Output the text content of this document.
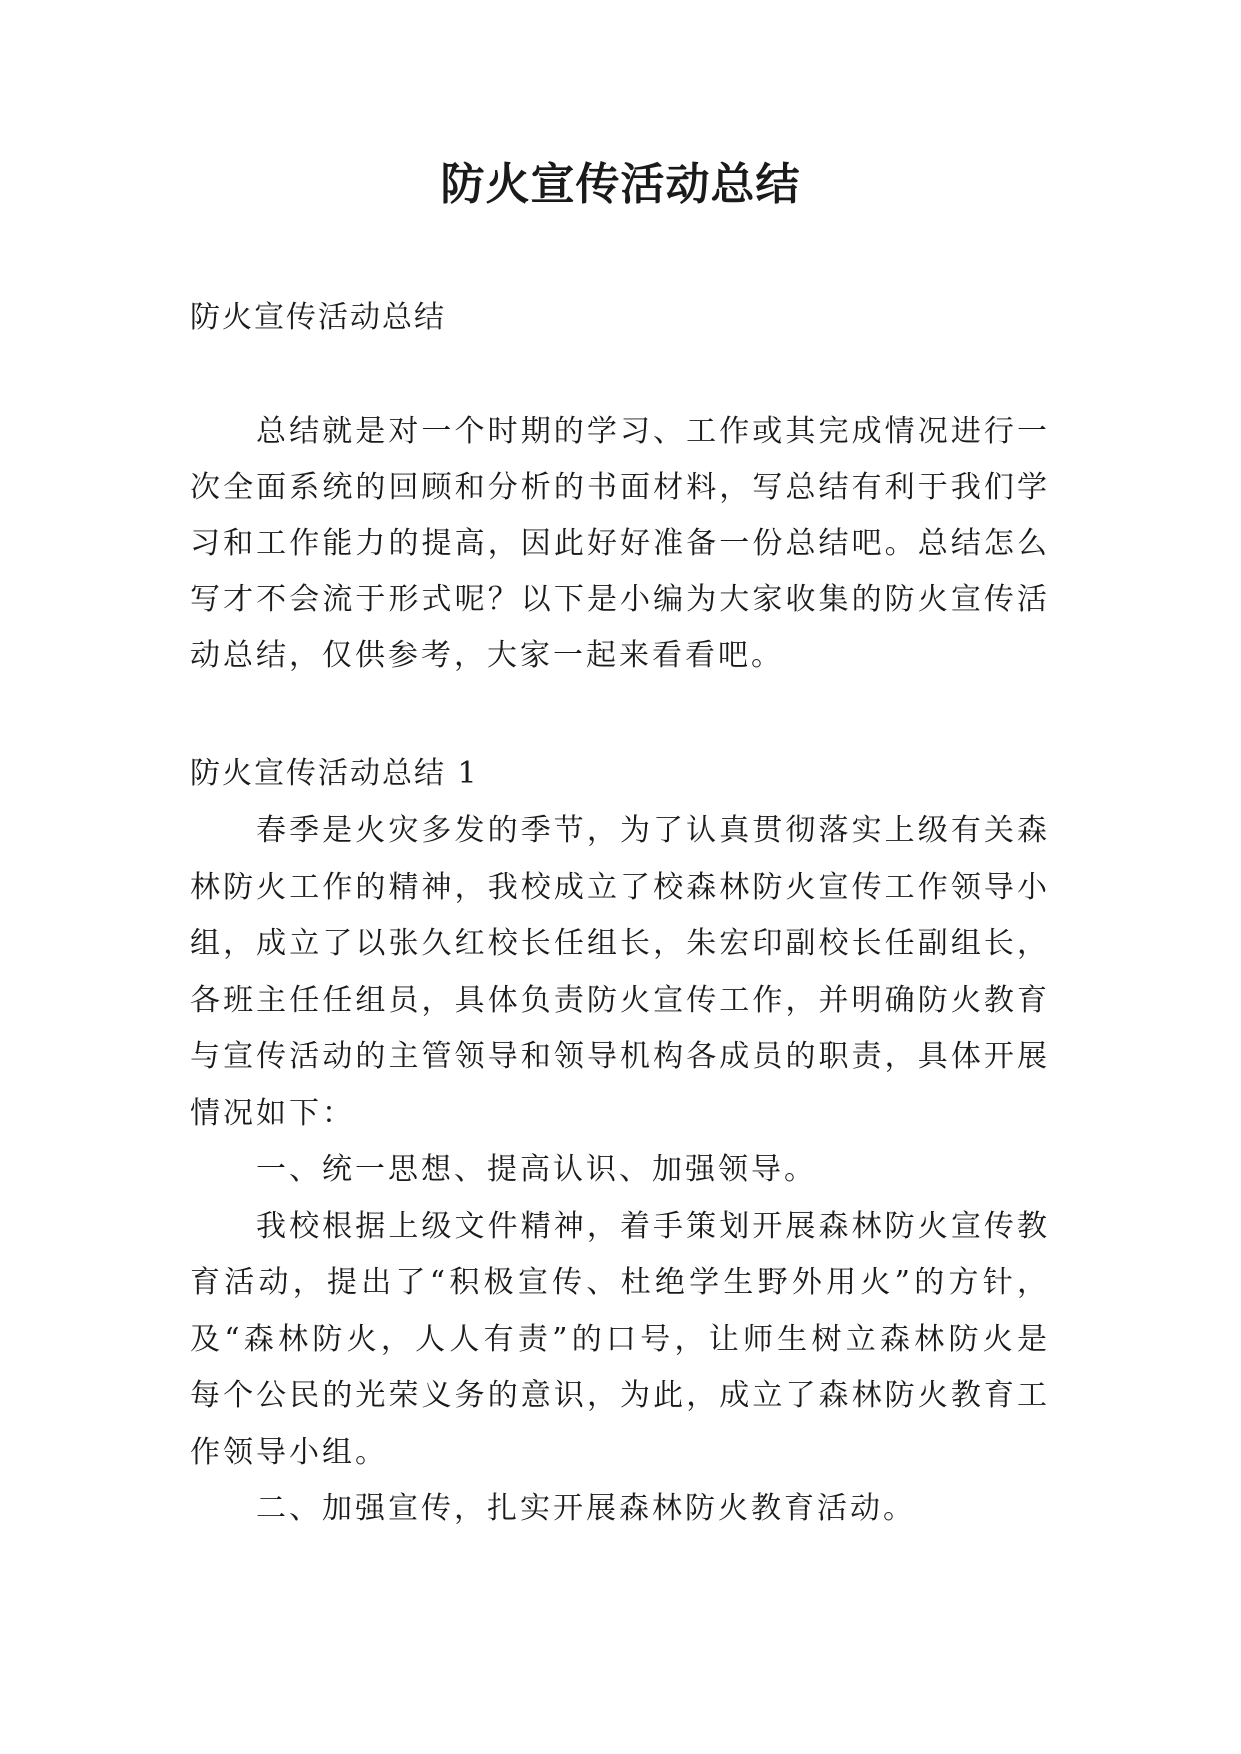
防火宣传活动总结

防火宣传活动总结

总结就是对一个时期的学习、工作或其完成情况进行一次全面系统的回顾和分析的书面材料，写总结有利于我们学习和工作能力的提高，因此好好准备一份总结吧。总结怎么写才不会流于形式呢？以下是小编为大家收集的防火宣传活动总结，仅供参考，大家一起来看看吧。

防火宣传活动总结 1

春季是火灾多发的季节，为了认真贯彻落实上级有关森林防火工作的精神，我校成立了校森林防火宣传工作领导小组，成立了以张久红校长任组长，朱宏印副校长任副组长，各班主任任组员，具体负责防火宣传工作，并明确防火教育与宣传活动的主管领导和领导机构各成员的职责，具体开展情况如下：

一、统一思想、提高认识、加强领导。

我校根据上级文件精神，着手策划开展森林防火宣传教育活动，提出了“积极宣传、杜绝学生野外用火”的方针，及“森林防火，人人有责”的口号，让师生树立森林防火是每个公民的光荣义务的意识，为此，成立了森林防火教育工作领导小组。

二、加强宣传，扎实开展森林防火教育活动。
